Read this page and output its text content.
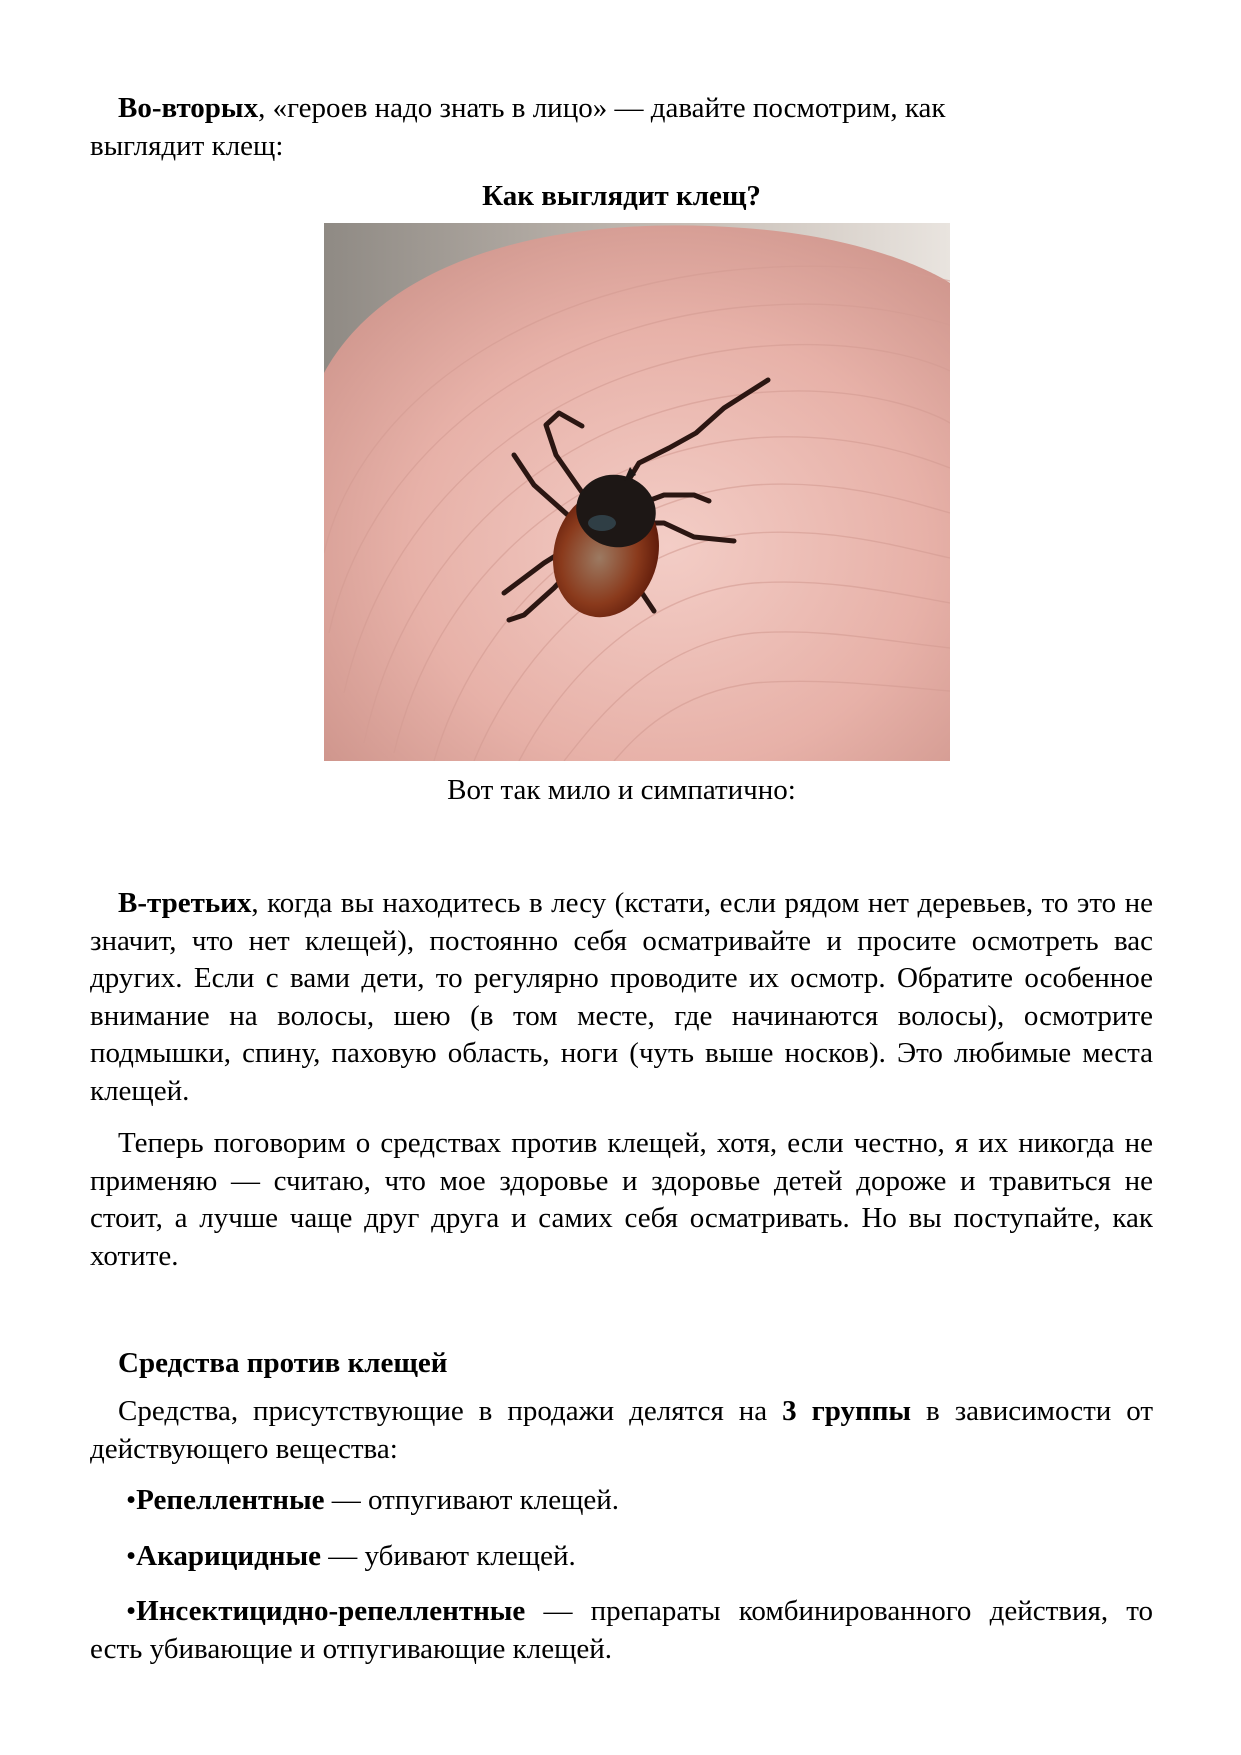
Во-вторых, «героев надо знать в лицо» — давайте посмотрим, как
выглядит клещ:
Как выглядит клещ?
Вот так мило и симпатично:
В-третьих, когда вы находитесь в лесу (кстати, если рядом нет деревьев, то это не значит, что нет клещей), постоянно себя осматривайте и просите осмотреть вас других. Если с вами дети, то регулярно проводите их осмотр. Обратите особенное внимание на волосы, шею (в том месте, где начинаются волосы), осмотрите подмышки, спину, паховую область, ноги (чуть выше носков). Это любимые места клещей.
Теперь поговорим о средствах против клещей, хотя, если честно, я их никогда не применяю — считаю, что мое здоровье и здоровье детей дороже и травиться не стоит, а лучше чаще друг друга и самих себя осматривать. Но вы поступайте, как хотите.
Средства против клещей
Средства, присутствующие в продажи делятся на 3 группы в зависимости от действующего вещества:
•Репеллентные — отпугивают клещей.
•Акарицидные — убивают клещей.
•Инсектицидно-репеллентные — препараты комбинированного действия, то есть убивающие и отпугивающие клещей.
